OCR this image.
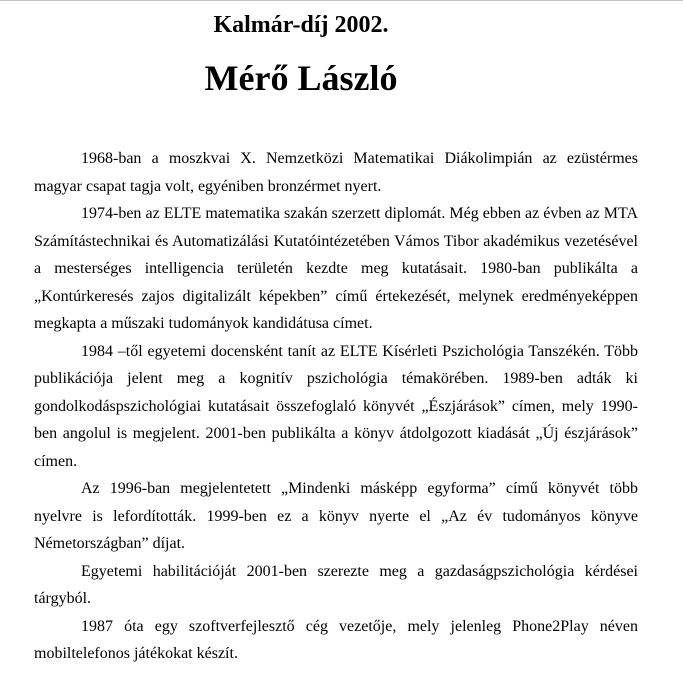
Kalmár-díj 2002.
Mérő László

1968-ban a moszkvai X. Nemzetközi Matematikai Diákolimpián az ezüstérmes magyar csapat tagja volt, egyéniben bronzérmet nyert.

1974-ben az ELTE matematika szakán szerzett diplomát. Még ebben az évben az MTA Számítástechnikai és Automatizálási Kutatóintézetében Vámos Tibor akadémikus vezetésével a mesterséges intelligencia területén kezdte meg kutatásait. 1980-ban publikálta a „Kontúrkeresés zajos digitalizált képekben” című értekezését, melynek eredményeképpen megkapta a műszaki tudományok kandidátusa címet.

1984 –től egyetemi docensként tanít az ELTE Kísérleti Pszichológia Tanszékén. Több publikációja jelent meg a kognitív pszichológia témakörében. 1989-ben adták ki gondolkodáspszichológiai kutatásait összefoglaló könyvét „Észjárások” címen, mely 1990-ben angolul is megjelent. 2001-ben publikálta a könyv átdolgozott kiadását „Új észjárások” címen.

Az 1996-ban megjelentetett „Mindenki másképp egyforma” című könyvét több nyelvre is lefordították. 1999-ben ez a könyv nyerte el „Az év tudományos könyve Németországban” díjat.

Egyetemi habilitációját 2001-ben szerezte meg a gazdaságpszichológia kérdései tárgyból.

1987 óta egy szoftverfejlesztő cég vezetője, mely jelenleg Phone2Play néven mobiltelefonos játékokat készít.
